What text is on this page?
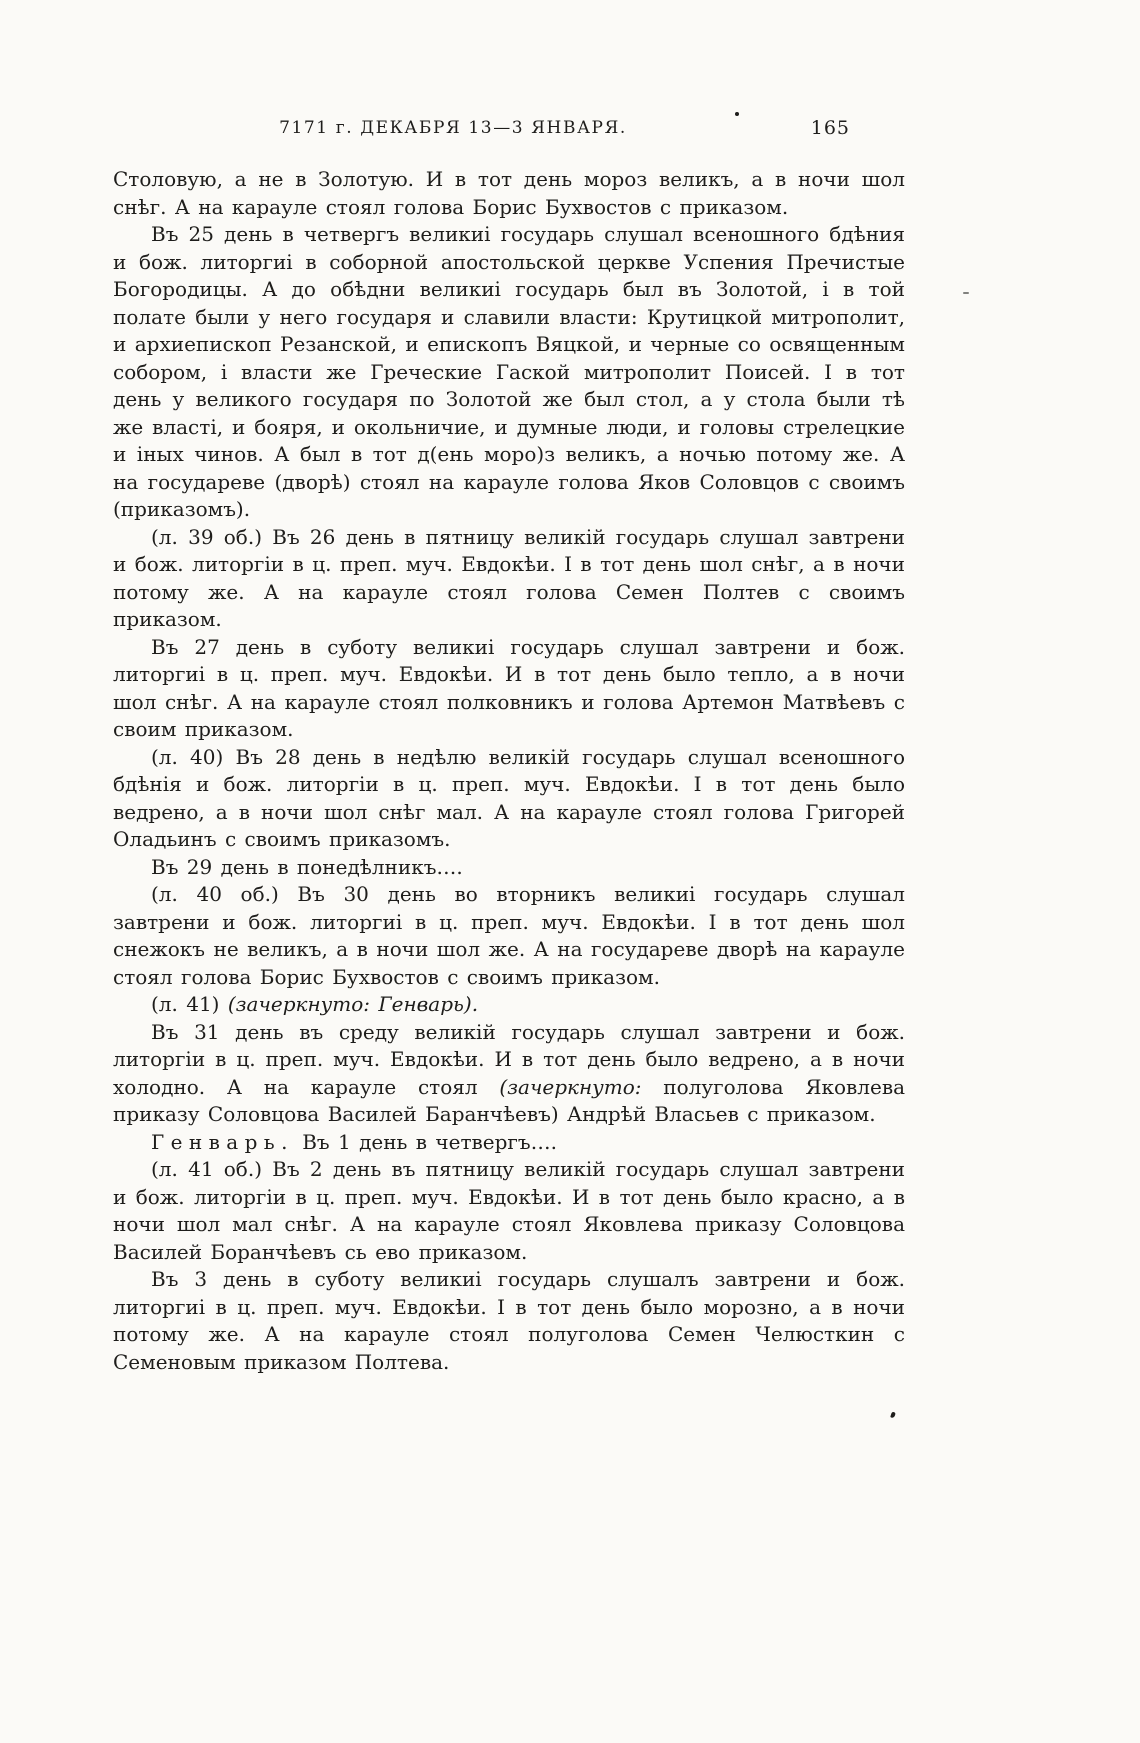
7171 г. ДЕКАБРЯ 13—3 ЯНВАРЯ.	165

Столовую, а не в Золотую. И в тот день мороз великъ, а в ночи шол снѣг. А на карауле стоял голова Борис Бухвостов с приказом.

Въ 25 день в четвергъ великиі государь слушал всеношного бдѣния и бож. литоргиі в соборной апостольской церкве Успения Пречистые Богородицы. А до обѣдни великиі государь был въ Золотой, і в той полате были у него государя и славили власти: Крутицкой митрополит, и архиепископ Резанской, и епископъ Вяцкой, и черные со освященным собором, і власти же Греческие Гаской митрополит Поисей. І в тот день у великого государя по Золотой же был стол, а у стола были тѣ же власті, и бояря, и окольничие, и думные люди, и головы стрелецкие и іных чинов. А был в тот д(ень моро)з великъ, а ночью потому же. А на государеве (дворѣ) стоял на карауле голова Яков Соловцов с своимъ (приказомъ).

(л. 39 об.) Въ 26 день в пятницу великій государь слушал завтрени и бож. литоргіи в ц. преп. муч. Евдокѣи. І в тот день шол снѣг, а в ночи потому же. А на карауле стоял голова Семен Полтев с своимъ приказом.

Въ 27 день в суботу великиі государь слушал завтрени и бож. литоргиі в ц. преп. муч. Евдокѣи. И в тот день было тепло, а в ночи шол снѣг. А на карауле стоял полковникъ и голова Артемон Матвѣевъ с своим приказом.

(л. 40) Въ 28 день в недѣлю великій государь слушал всеношного бдѣнія и бож. литоргіи в ц. преп. муч. Евдокѣи. І в тот день было ведрено, а в ночи шол снѣг мал. А на карауле стоял голова Григорей Оладьинъ с своимъ приказомъ.

Въ 29 день в понедѣлникъ….

(л. 40 об.) Въ 30 день во вторникъ великиі государь слушал завтрени и бож. литоргиі в ц. преп. муч. Евдокѣи. І в тот день шол снежокъ не великъ, а в ночи шол же. А на государеве дворѣ на карауле стоял голова Борис Бухвостов с своимъ приказом.

(л. 41) (зачеркнуто: Генварь).

Въ 31 день въ среду великій государь слушал завтрени и бож. литоргіи в ц. преп. муч. Евдокѣи. И в тот день было ведрено, а в ночи холодно. А на карауле стоял (зачеркнуто: полуголова Яковлева приказу Соловцова Василей Баранчѣевъ) Андрѣй Власьев с приказом.

Генварь. Въ 1 день в четвергъ….

(л. 41 об.) Въ 2 день въ пятницу великій государь слушал завтрени и бож. литоргіи в ц. преп. муч. Евдокѣи. И в тот день было красно, а в ночи шол мал снѣг. А на карауле стоял Яковлева приказу Соловцова Василей Боранчѣевъ сь ево приказом.

Въ 3 день в суботу великиі государь слушалъ завтрени и бож. литоргиі в ц. преп. муч. Евдокѣи. І в тот день было морозно, а в ночи потому же. А на карауле стоял полуголова Семен Челюсткин с Семеновым приказом Полтева.
